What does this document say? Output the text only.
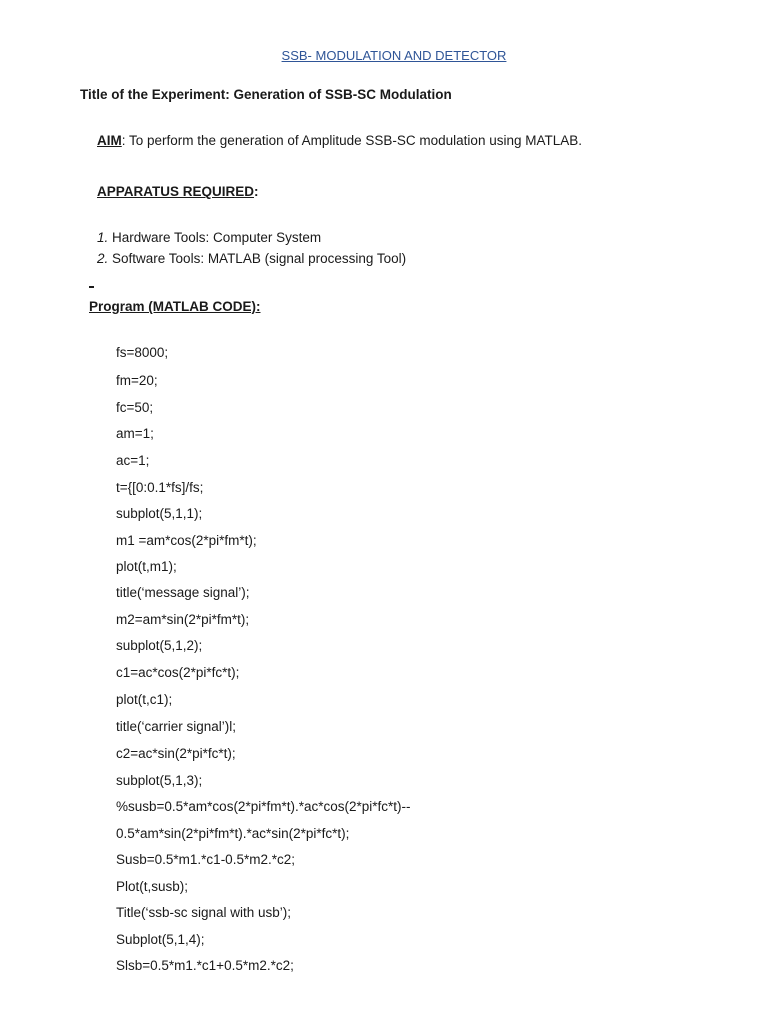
SSB- MODULATION AND DETECTOR
Title of the Experiment: Generation of SSB-SC Modulation
AIM: To perform the generation of Amplitude SSB-SC modulation using MATLAB.
APPARATUS REQUIRED:
1. Hardware Tools: Computer System
2. Software Tools: MATLAB (signal processing Tool)
Program (MATLAB CODE):
fs=8000;
fm=20;
fc=50;
am=1;
ac=1;
t={[0:0.1*fs]/fs;
subplot(5,1,1);
m1 =am*cos(2*pi*fm*t);
plot(t,m1);
title(‘message signal’);
m2=am*sin(2*pi*fm*t);
subplot(5,1,2);
c1=ac*cos(2*pi*fc*t);
plot(t,c1);
title(‘carrier signal’)l;
c2=ac*sin(2*pi*fc*t);
subplot(5,1,3);
%susb=0.5*am*cos(2*pi*fm*t).*ac*cos(2*pi*fc*t)--
0.5*am*sin(2*pi*fm*t).*ac*sin(2*pi*fc*t);
Susb=0.5*m1.*c1-0.5*m2.*c2;
Plot(t,susb);
Title(‘ssb-sc signal with usb’);
Subplot(5,1,4);
Slsb=0.5*m1.*c1+0.5*m2.*c2;
